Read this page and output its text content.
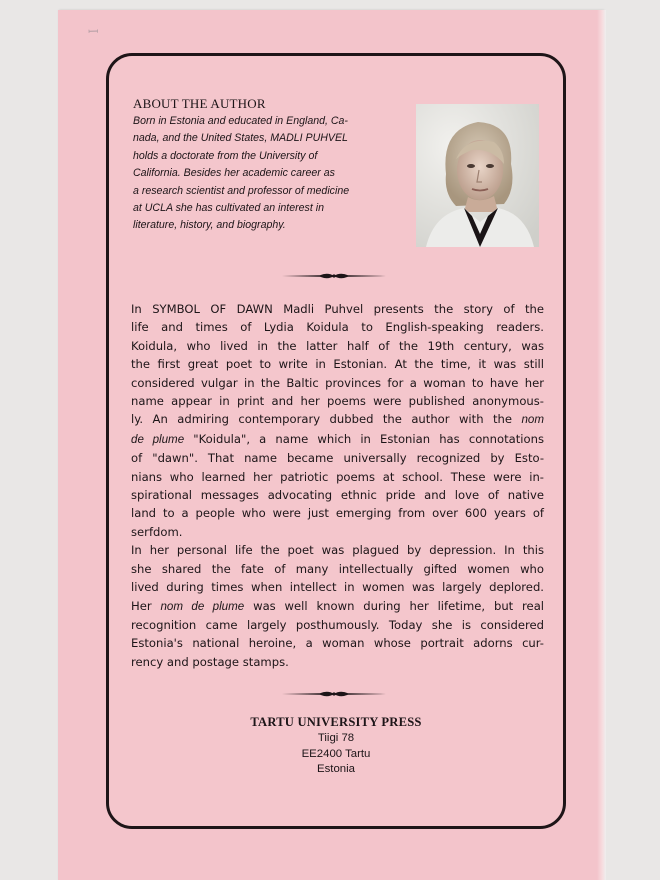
ꟷ
ABOUT THE AUTHOR
Born in Estonia and educated in England, Ca-
nada, and the United States, MADLI PUHVEL
holds a doctorate from the University of
California. Besides her academic career as
a research scientist and professor of medicine
at UCLA she has cultivated an interest in
literature, history, and biography.
In SYMBOL OF DAWN Madli Puhvel presents the story of the
life and times of Lydia Koidula to English-speaking readers.
Koidula, who lived in the latter half of the 19th century, was
the first great poet to write in Estonian. At the time, it was still
considered vulgar in the Baltic provinces for a woman to have her
name appear in print and her poems were published anonymous-
ly. An admiring contemporary dubbed the author with the nom
de plume "Koidula", a name which in Estonian has connotations
of "dawn". That name became universally recognized by Esto-
nians who learned her patriotic poems at school. These were in-
spirational messages advocating ethnic pride and love of native
land to a people who were just emerging from over 600 years of
serfdom.
In her personal life the poet was plagued by depression. In this
she shared the fate of many intellectually gifted women who
lived during times when intellect in women was largely deplored.
Her nom de plume was well known during her lifetime, but real
recognition came largely posthumously. Today she is considered
Estonia's national heroine, a woman whose portrait adorns cur-
rency and postage stamps.
TARTU UNIVERSITY PRESS
Tiigi 78
EE2400 Tartu
Estonia
